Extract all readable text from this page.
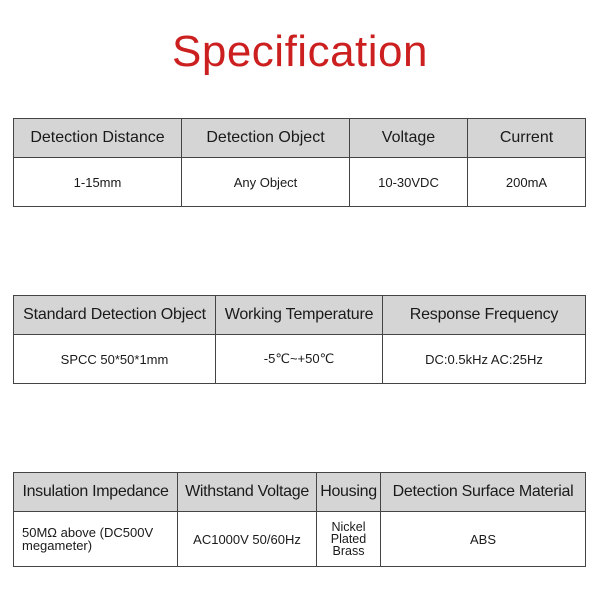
Specification
Detection Distance	Detection Object	Voltage	Current
1-15mm	Any Object	10-30VDC	200mA
Standard Detection Object	Working Temperature	Response Frequency
SPCC 50*50*1mm	-5℃~+50℃	DC:0.5kHz AC:25Hz
Insulation Impedance	Withstand Voltage	Housing	Detection Surface Material
50MΩ above (DC500V megameter)	AC1000V 50/60Hz	Nickel Plated Brass	ABS
